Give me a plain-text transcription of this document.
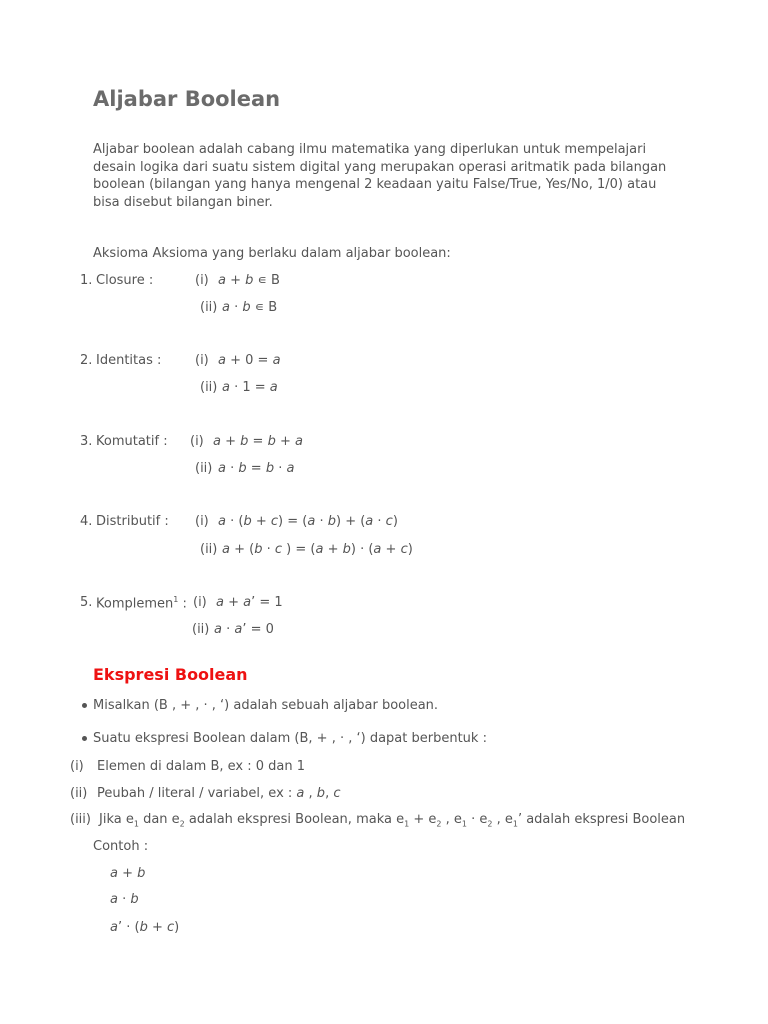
Aljabar Boolean
Aljabar boolean adalah cabang ilmu matematika yang diperlukan untuk mempelajari
desain logika dari suatu sistem digital yang merupakan operasi aritmatik pada bilangan
boolean (bilangan yang hanya mengenal 2 keadaan yaitu False/True, Yes/No, 1/0) atau
bisa disebut bilangan biner.
Aksioma Aksioma yang berlaku dalam aljabar boolean:
1. Closure :	(i) a + b ∊ B
(ii) a · b ∊ B
2. Identitas :	(i) a + 0 = a
(ii) a · 1 = a
3. Komutatif : (i) a + b = b + a
(ii) a · b = b · a
4. Distributif : (i) a · (b + c) = (a · b) + (a · c)
(ii) a + (b · c ) = (a + b) · (a + c)
5. Komplemen$^1$ : (i) a + a’ = 1
(ii) a · a’ = 0
Ekspresi Boolean
Misalkan (B , + , · , ‘) adalah sebuah aljabar boolean.
Suatu ekspresi Boolean dalam (B, + , · , ‘) dapat berbentuk :
(i) Elemen di dalam B, ex : 0 dan 1
(ii) Peubah / literal / variabel, ex : a , b, c
(iii) Jika $e_1$ dan $e_2$ adalah ekspresi Boolean, maka $e_1 + e_2$ , $e_1 \cdot e_2$ , $e_1$’ adalah ekspresi Boolean
Contoh :
a + b
a · b
a’ · (b + c)
